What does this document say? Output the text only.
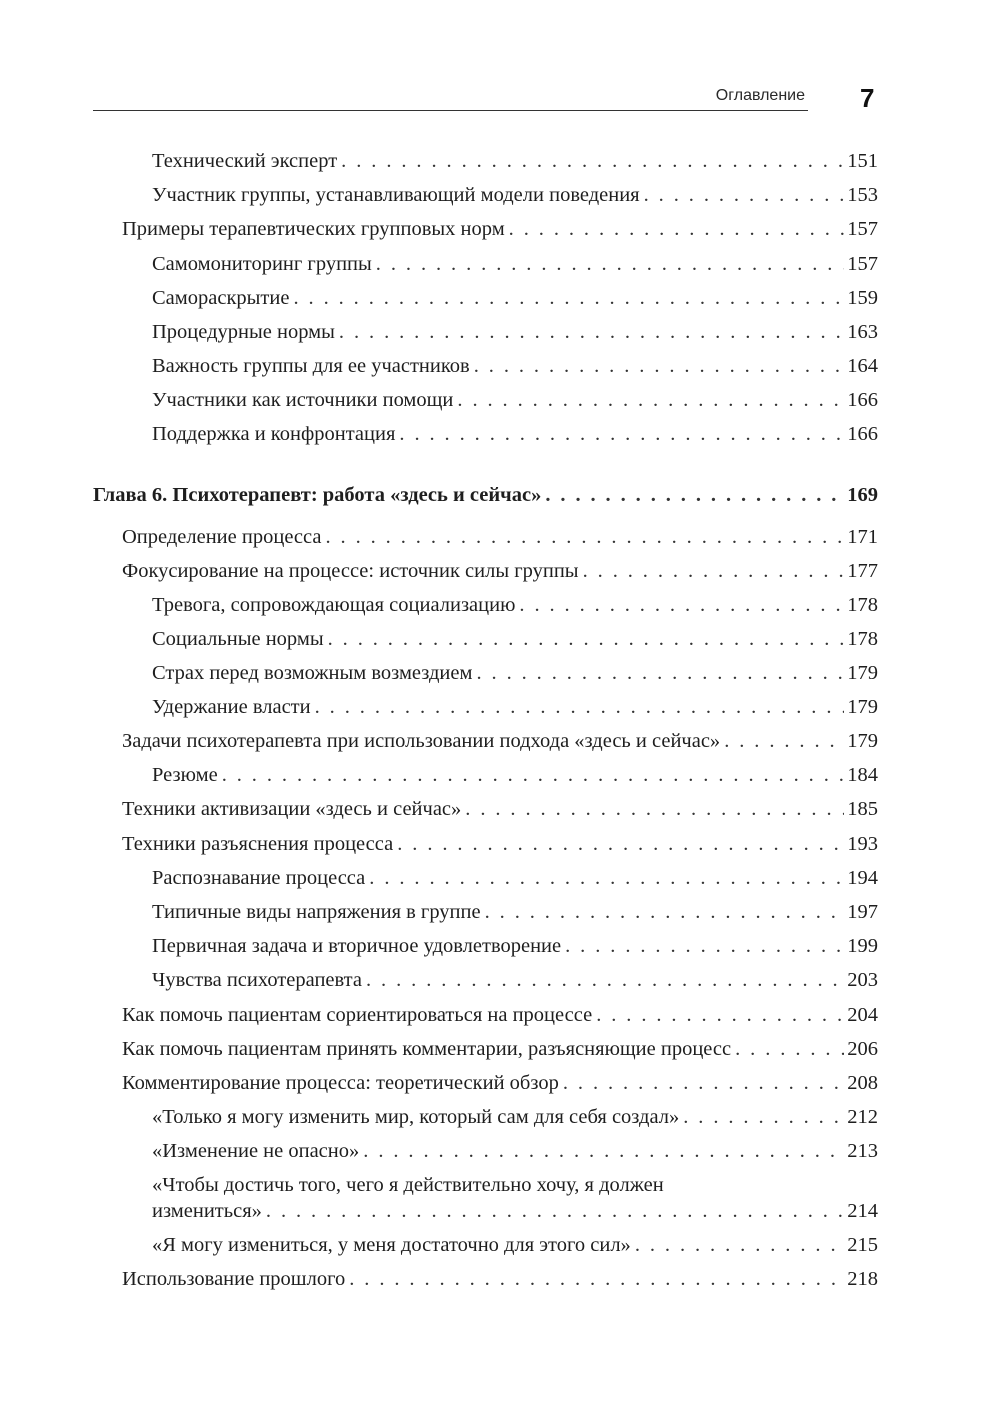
Оглавление 7
Технический эксперт . . .	151
Участник группы, устанавливающий модели поведения . . .	153
Примеры терапевтических групповых норм . . .	157
Самомониторинг группы . . .	157
Самораскрытие . . .	159
Процедурные нормы . . .	163
Важность группы для ее участников . . .	164
Участники как источники помощи . . .	166
Поддержка и конфронтация . . .	166
Глава 6. Психотерапевт: работа «здесь и сейчас» . . .	169
Определение процесса . . .	171
Фокусирование на процессе: источник силы группы . . .	177
Тревога, сопровождающая социализацию . . .	178
Социальные нормы . . .	178
Страх перед возможным возмездием . . .	179
Удержание власти . . .	179
Задачи психотерапевта при использовании подхода «здесь и сейчас» . . .	179
Резюме . . .	184
Техники активизации «здесь и сейчас» . . .	185
Техники разъяснения процесса . . .	193
Распознавание процесса . . .	194
Типичные виды напряжения в группе . . .	197
Первичная задача и вторичное удовлетворение . . .	199
Чувства психотерапевта . . .	203
Как помочь пациентам сориентироваться на процессе . . .	204
Как помочь пациентам принять комментарии, разъясняющие процесс . . .	206
Комментирование процесса: теоретический обзор . . .	208
«Только я могу изменить мир, который сам для себя создал» . . .	212
«Изменение не опасно» . . .	213
«Чтобы достичь того, чего я действительно хочу, я должен
измениться» . . .	214
«Я могу измениться, у меня достаточно для этого сил» . . .	215
Использование прошлого . . .	218
